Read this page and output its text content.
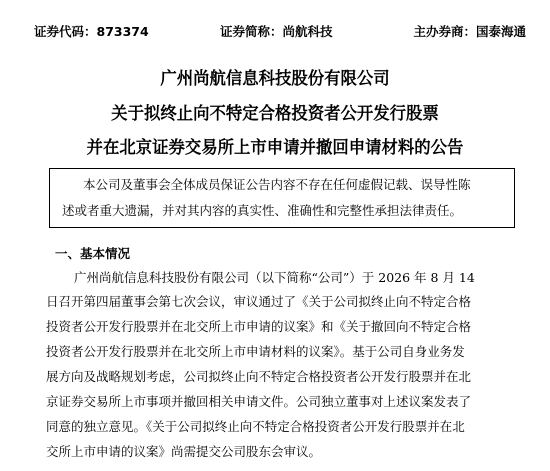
证券代码：873374	证券简称：尚航科技	主办券商：国泰海通
广州尚航信息科技股份有限公司
关于拟终止向不特定合格投资者公开发行股票
并在北京证券交易所上市申请并撤回申请材料的公告

本公司及董事会全体成员保证公告内容不存在任何虚假记载、误导性陈

述或者重大遗漏，并对其内容的真实性、准确性和完整性承担法律责任。

一、基本情况
广州尚航信息科技股份有限公司（以下简称“公司”）于 2026 年 8 月 14
日召开第四届董事会第七次会议，审议通过了《关于公司拟终止向不特定合格
投资者公开发行股票并在北交所上市申请的议案》和《关于撤回向不特定合格
投资者公开发行股票并在北交所上市申请材料的议案》。基于公司自身业务发
展方向及战略规划考虑，公司拟终止向不特定合格投资者公开发行股票并在北
京证券交易所上市事项并撤回相关申请文件。公司独立董事对上述议案发表了
同意的独立意见。《关于公司拟终止向不特定合格投资者公开发行股票并在北
交所上市申请的议案》尚需提交公司股东会审议。
